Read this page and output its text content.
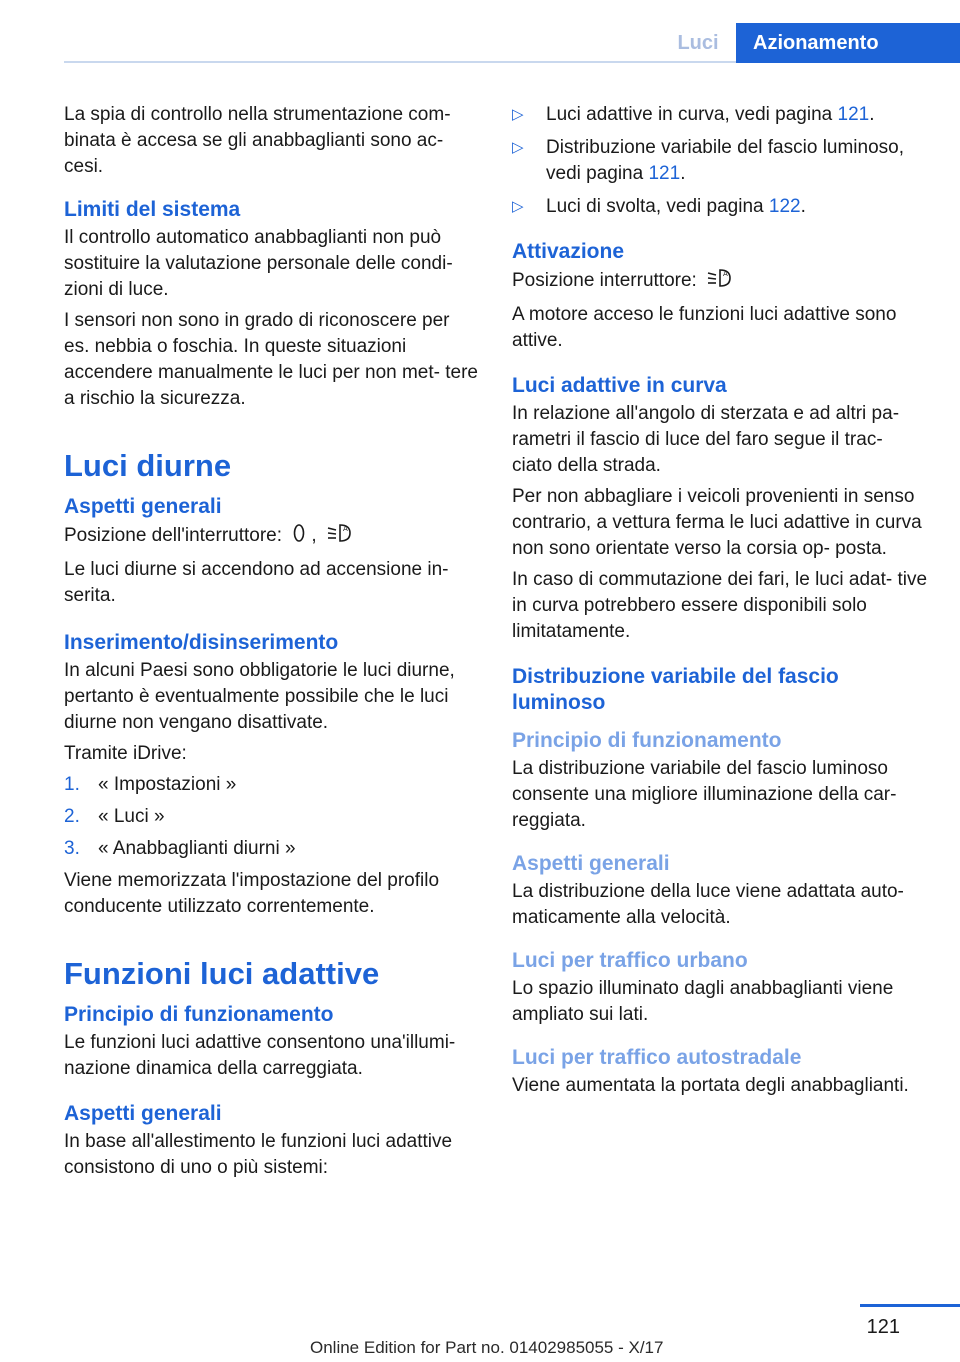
Luci	Azionamento

La spia di controllo nella strumentazione com- binata è accesa se gli anabbaglianti sono ac- cesi.

Limiti del sistema

Il controllo automatico anabbaglianti non può sostituire la valutazione personale delle condi- zioni di luce.

I sensori non sono in grado di riconoscere per es. nebbia o foschia. In queste situazioni accendere manualmente le luci per non met- tere a rischio la sicurezza.

Luci diurne
Aspetti generali

Posizione dell'interruttore: ,	A

Le luci diurne si accendono ad accensione in- serita.

Inserimento/disinserimento

In alcuni Paesi sono obbligatorie le luci diurne, pertanto è eventualmente possibile che le luci diurne non vengano disattivate.

Tramite iDrive:

1. « Impostazioni »
2. « Luci »
3. « Anabbaglianti diurni »

Viene memorizzata l'impostazione del profilo conducente utilizzato correntemente.

Funzioni luci adattive
Principio di funzionamento

Le funzioni luci adattive consentono una'illumi- nazione dinamica della carreggiata.

Aspetti generali

In base all'allestimento le funzioni luci adattive consistono di uno o più sistemi:

▷ Luci adattive in curva, vedi pagina 121.
▷ Distribuzione variabile del fascio luminoso, vedi pagina 121.
▷ Luci di svolta, vedi pagina 122.
Attivazione

Posizione interruttore:	A

A motore acceso le funzioni luci adattive sono attive.

Luci adattive in curva

In relazione all'angolo di sterzata e ad altri pa- rametri il fascio di luce del faro segue il trac- ciato della strada.

Per non abbagliare i veicoli provenienti in senso contrario, a vettura ferma le luci adattive in curva non sono orientate verso la corsia op- posta.

In caso di commutazione dei fari, le luci adat- tive in curva potrebbero essere disponibili solo limitatamente.

Distribuzione variabile del fascio luminoso
Principio di funzionamento

La distribuzione variabile del fascio luminoso consente una migliore illuminazione della car- reggiata.

Aspetti generali

La distribuzione della luce viene adattata auto- maticamente alla velocità.

Luci per traffico urbano

Lo spazio illuminato dagli anabbaglianti viene ampliato sui lati.

Luci per traffico autostradale

Viene aumentata la portata degli anabbaglianti.

121
Online Edition for Part no. 01402985055 - X/17
